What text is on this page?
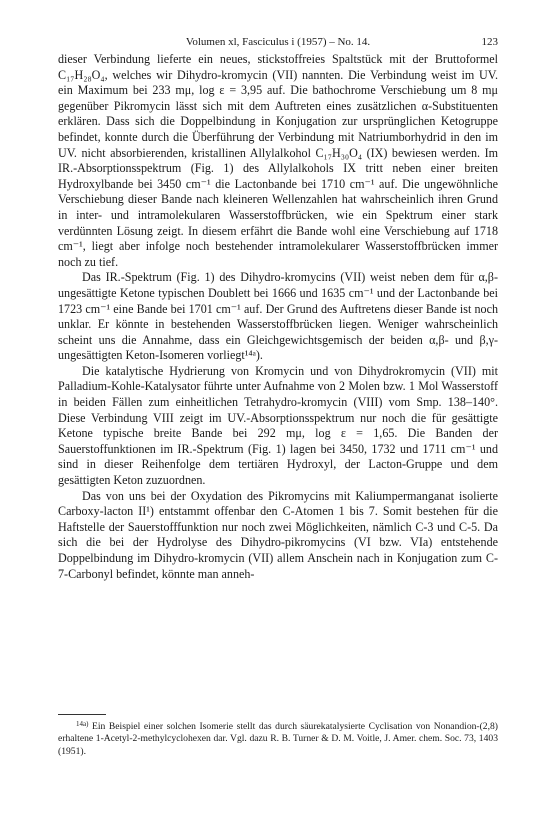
Volumen xl, Fasciculus i (1957) – No. 14.	123

dieser Verbindung lieferte ein neues, stickstoffreies Spaltstück mit der Bruttoformel C₁₇H₂₈O₄, welches wir Dihydro-kromycin (VII) nannten. Die Verbindung weist im UV. ein Maximum bei 233 mμ, log ε = 3,95 auf. Die bathochrome Verschiebung um 8 mμ gegenüber Pikromycin lässt sich mit dem Auftreten eines zusätzlichen α-Substituenten erklären. Dass sich die Doppelbindung in Konjugation zur ursprünglichen Ketogruppe befindet, konnte durch die Überführung der Verbindung mit Natriumborhydrid in den im UV. nicht absorbierenden, kristallinen Allylalkohol C₁₇H₃₀O₄ (IX) bewiesen werden. Im IR.-Absorptionsspektrum (Fig. 1) des Allylalkohols IX tritt neben einer breiten Hydroxylbande bei 3450 cm⁻¹ die Lactonbande bei 1710 cm⁻¹ auf. Die ungewöhnliche Verschiebung dieser Bande nach kleineren Wellenzahlen hat wahrscheinlich ihren Grund in inter- und intramolekularen Wasserstoffbrücken, wie ein Spektrum einer stark verdünnten Lösung zeigt. In diesem erfährt die Bande wohl eine Verschiebung auf 1718 cm⁻¹, liegt aber infolge noch bestehender intramolekularer Wasserstoffbrücken immer noch zu tief.

Das IR.-Spektrum (Fig. 1) des Dihydro-kromycins (VII) weist neben dem für α,β-ungesättigte Ketone typischen Doublett bei 1666 und 1635 cm⁻¹ und der Lactonbande bei 1723 cm⁻¹ eine Bande bei 1701 cm⁻¹ auf. Der Grund des Auftretens dieser Bande ist noch unklar. Er könnte in bestehenden Wasserstoffbrücken liegen. Weniger wahrscheinlich scheint uns die Annahme, dass ein Gleichgewichtsgemisch der beiden α,β- und β,γ-ungesättigten Keton-Isomeren vorliegt¹⁴ᵃ).

Die katalytische Hydrierung von Kromycin und von Dihydrokromycin (VII) mit Palladium-Kohle-Katalysator führte unter Aufnahme von 2 Molen bzw. 1 Mol Wasserstoff in beiden Fällen zum einheitlichen Tetrahydro-kromycin (VIII) vom Smp. 138–140°. Diese Verbindung VIII zeigt im UV.-Absorptionsspektrum nur noch die für gesättigte Ketone typische breite Bande bei 292 mμ, log ε = 1,65. Die Banden der Sauerstoffunktionen im IR.-Spektrum (Fig. 1) lagen bei 3450, 1732 und 1711 cm⁻¹ und sind in dieser Reihenfolge dem tertiären Hydroxyl, der Lacton-Gruppe und dem gesättigten Keton zuzuordnen.

Das von uns bei der Oxydation des Pikromycins mit Kaliumpermanganat isolierte Carboxy-lacton II¹) entstammt offenbar den C-Atomen 1 bis 7. Somit bestehen für die Haftstelle der Sauerstofffunktion nur noch zwei Möglichkeiten, nämlich C-3 und C-5. Da sich die bei der Hydrolyse des Dihydro-pikromycins (VI bzw. VIa) entstehende Doppelbindung im Dihydro-kromycin (VII) allem Anschein nach in Konjugation zum C-7-Carbonyl befindet, könnte man anneh-

$^{14a)}$ Ein Beispiel einer solchen Isomerie stellt das durch säurekatalysierte Cyclisation von Nonandion-(2,8) erhaltene 1-Acetyl-2-methylcyclohexen dar. Vgl. dazu R. B. Turner & D. M. Voitle, J. Amer. chem. Soc. 73, 1403 (1951).
